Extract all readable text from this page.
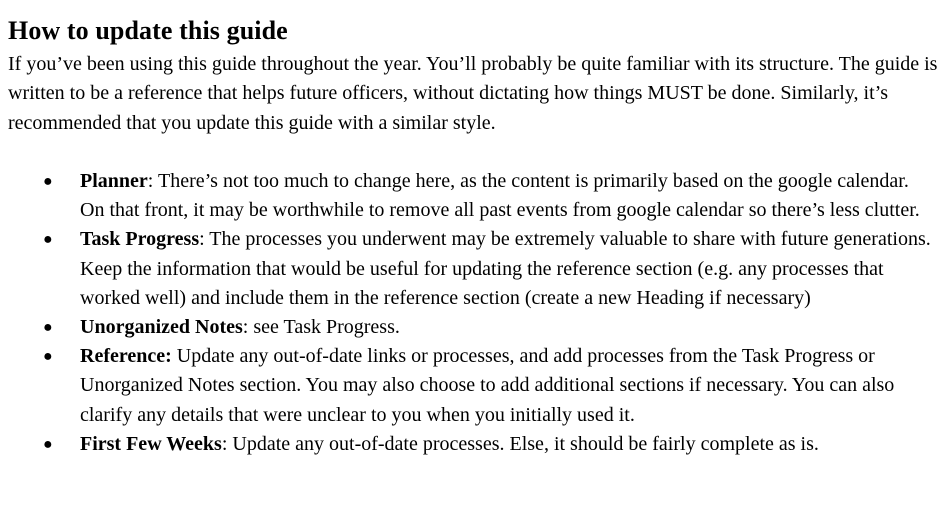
How to update this guide

If you’ve been using this guide throughout the year. You’ll probably be quite familiar with its structure. The guide is written to be a reference that helps future officers, without dictating how things MUST be done. Similarly, it’s recommended that you update this guide with a similar style.

● Planner: There’s not too much to change here, as the content is primarily based on the google calendar. On that front, it may be worthwhile to remove all past events from google calendar so there’s less clutter.
● Task Progress: The processes you underwent may be extremely valuable to share with future generations. Keep the information that would be useful for updating the reference section (e.g. any processes that worked well) and include them in the reference section (create a new Heading if necessary)
● Unorganized Notes: see Task Progress.
● Reference: Update any out-of-date links or processes, and add processes from the Task Progress or Unorganized Notes section. You may also choose to add additional sections if necessary. You can also clarify any details that were unclear to you when you initially used it.
● First Few Weeks: Update any out-of-date processes. Else, it should be fairly complete as is.
